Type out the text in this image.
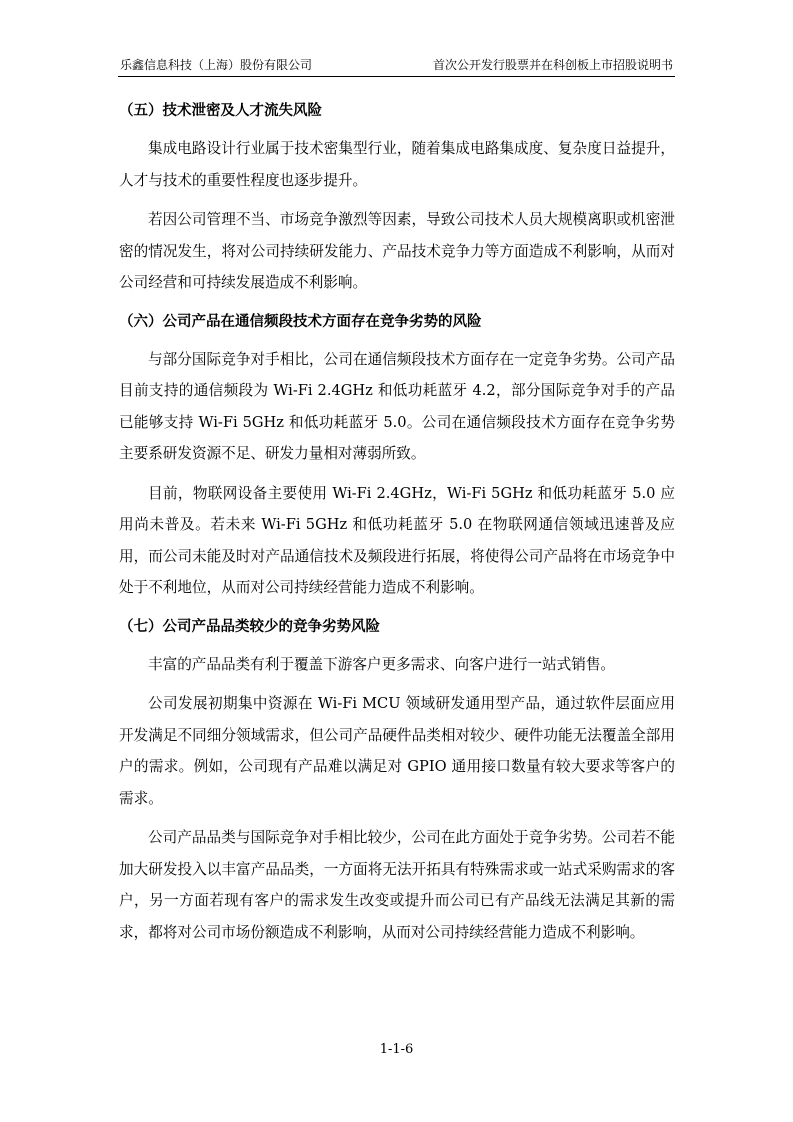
乐鑫信息科技（上海）股份有限公司	首次公开发行股票并在科创板上市招股说明书
（五）技术泄密及人才流失风险

集成电路设计行业属于技术密集型行业，随着集成电路集成度、复杂度日益提升，人才与技术的重要性程度也逐步提升。

若因公司管理不当、市场竞争激烈等因素，导致公司技术人员大规模离职或机密泄密的情况发生，将对公司持续研发能力、产品技术竞争力等方面造成不利影响，从而对公司经营和可持续发展造成不利影响。

（六）公司产品在通信频段技术方面存在竞争劣势的风险

与部分国际竞争对手相比，公司在通信频段技术方面存在一定竞争劣势。公司产品目前支持的通信频段为 Wi-Fi 2.4GHz 和低功耗蓝牙 4.2，部分国际竞争对手的产品已能够支持 Wi-Fi 5GHz 和低功耗蓝牙 5.0。公司在通信频段技术方面存在竞争劣势主要系研发资源不足、研发力量相对薄弱所致。

目前，物联网设备主要使用 Wi-Fi 2.4GHz，Wi-Fi 5GHz 和低功耗蓝牙 5.0 应用尚未普及。若未来 Wi-Fi 5GHz 和低功耗蓝牙 5.0 在物联网通信领域迅速普及应用，而公司未能及时对产品通信技术及频段进行拓展，将使得公司产品将在市场竞争中处于不利地位，从而对公司持续经营能力造成不利影响。

（七）公司产品品类较少的竞争劣势风险

丰富的产品品类有利于覆盖下游客户更多需求、向客户进行一站式销售。

公司发展初期集中资源在 Wi-Fi MCU 领域研发通用型产品，通过软件层面应用开发满足不同细分领域需求，但公司产品硬件品类相对较少、硬件功能无法覆盖全部用户的需求。例如，公司现有产品难以满足对 GPIO 通用接口数量有较大要求等客户的需求。

公司产品品类与国际竞争对手相比较少，公司在此方面处于竞争劣势。公司若不能加大研发投入以丰富产品品类，一方面将无法开拓具有特殊需求或一站式采购需求的客户，另一方面若现有客户的需求发生改变或提升而公司已有产品线无法满足其新的需求，都将对公司市场份额造成不利影响，从而对公司持续经营能力造成不利影响。

1-1-6
